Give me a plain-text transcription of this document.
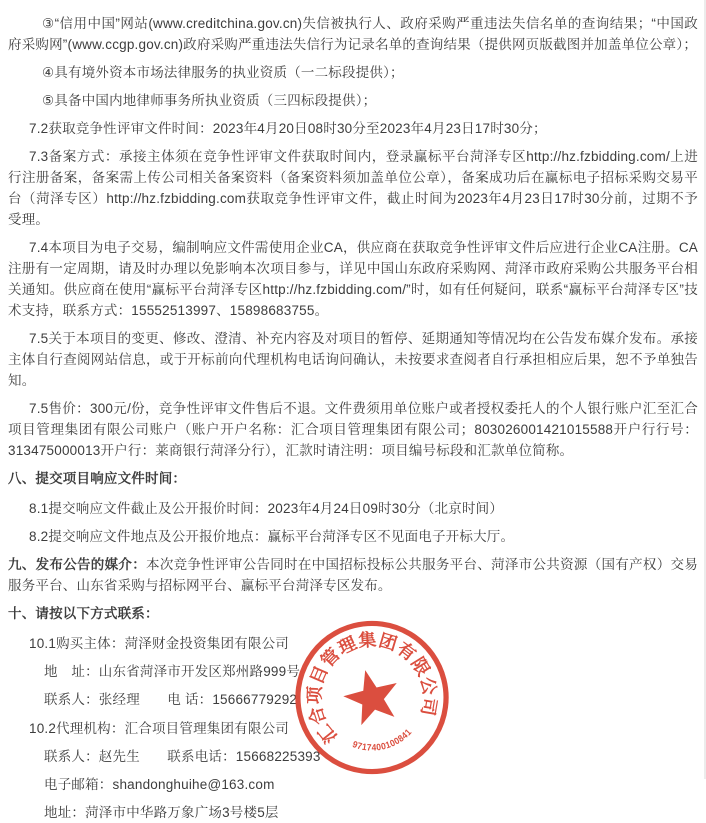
③“信用中国”网站(www.creditchina.gov.cn)失信被执行人、政府采购严重违法失信名单的查询结果；“中国政府采购网”(www.ccgp.gov.cn)政府采购严重违法失信行为记录名单的查询结果（提供网页版截图并加盖单位公章）；

④具有境外资本市场法律服务的执业资质（一二标段提供）；

⑤具备中国内地律师事务所执业资质（三四标段提供）；

7.2获取竞争性评审文件时间：2023年4月20日08时30分至2023年4月23日17时30分；

7.3备案方式：承接主体须在竞争性评审文件获取时间内，登录赢标平台菏泽专区http://hz.fzbidding.com/上进行注册备案，备案需上传公司相关备案资料（备案资料须加盖单位公章），备案成功后在赢标电子招标采购交易平台（菏泽专区）http://hz.fzbidding.com获取竞争性评审文件，截止时间为2023年4月23日17时30分前，过期不予受理。

7.4本项目为电子交易，编制响应文件需使用企业CA，供应商在获取竞争性评审文件后应进行企业CA注册。CA注册有一定周期，请及时办理以免影响本次项目参与，详见中国山东政府采购网、菏泽市政府采购公共服务平台相关通知。供应商在使用“赢标平台菏泽专区http://hz.fzbidding.com/”时，如有任何疑问，联系“赢标平台菏泽专区”技术支持，联系方式：15552513997、15898683755。

7.5关于本项目的变更、修改、澄清、补充内容及对项目的暂停、延期通知等情况均在公告发布媒介发布。承接主体自行查阅网站信息，或于开标前向代理机构电话询问确认，未按要求查阅者自行承担相应后果，恕不予单独告知。

7.5售价：300元/份，竞争性评审文件售后不退。文件费须用单位账户或者授权委托人的个人银行账户汇至汇合项目管理集团有限公司账户（账户开户名称：汇合项目管理集团有限公司；803026001421015588开户行行号：313475000013开户行：莱商银行菏泽分行），汇款时请注明：项目编号标段和汇款单位简称。

八、提交项目响应文件时间：

8.1提交响应文件截止及公开报价时间：2023年4月24日09时30分（北京时间）

8.2提交响应文件地点及公开报价地点：赢标平台菏泽专区不见面电子开标大厅。

九、发布公告的媒介：本次竞争性评审公告同时在中国招标投标公共服务平台、菏泽市公共资源（国有产权）交易服务平台、山东省采购与招标网平台、赢标平台菏泽专区发布。

十、请按以下方式联系：

10.1购买主体：菏泽财金投资集团有限公司

地　址：山东省菏泽市开发区郑州路999号

联系人：张经理　　电 话：15666779292

10.2代理机构：汇合项目管理集团有限公司

联系人：赵先生　　联系电话：15668225393

电子邮箱：shandonghuihe@163.com

地址：菏泽市中华路万象广场3号楼5层

汇合项目管理集团有限公司
9717400100841
